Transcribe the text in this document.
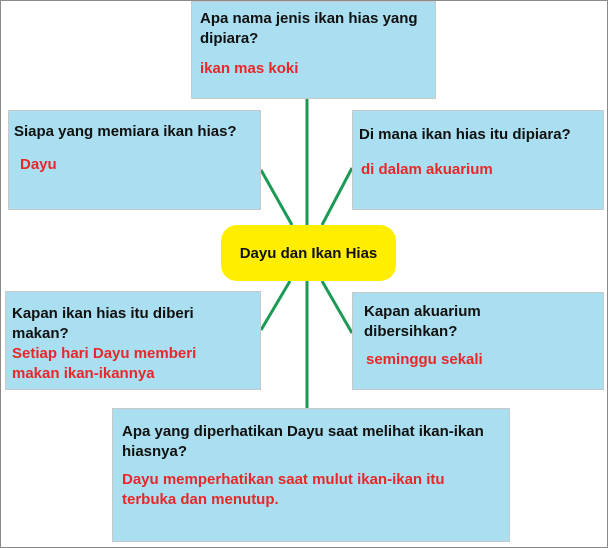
Apa nama jenis ikan hias yang dipiara?
ikan mas koki
Siapa yang memiara ikan hias?
Dayu
Di mana ikan hias itu dipiara?
di dalam akuarium
Dayu dan Ikan Hias
Kapan ikan hias itu diberi makan?
Setiap hari Dayu memberi makan ikan-ikannya
Kapan akuarium dibersihkan?
seminggu sekali
Apa yang diperhatikan Dayu saat melihat ikan-ikan hiasnya?
Dayu memperhatikan saat mulut ikan-ikan itu terbuka dan menutup.
